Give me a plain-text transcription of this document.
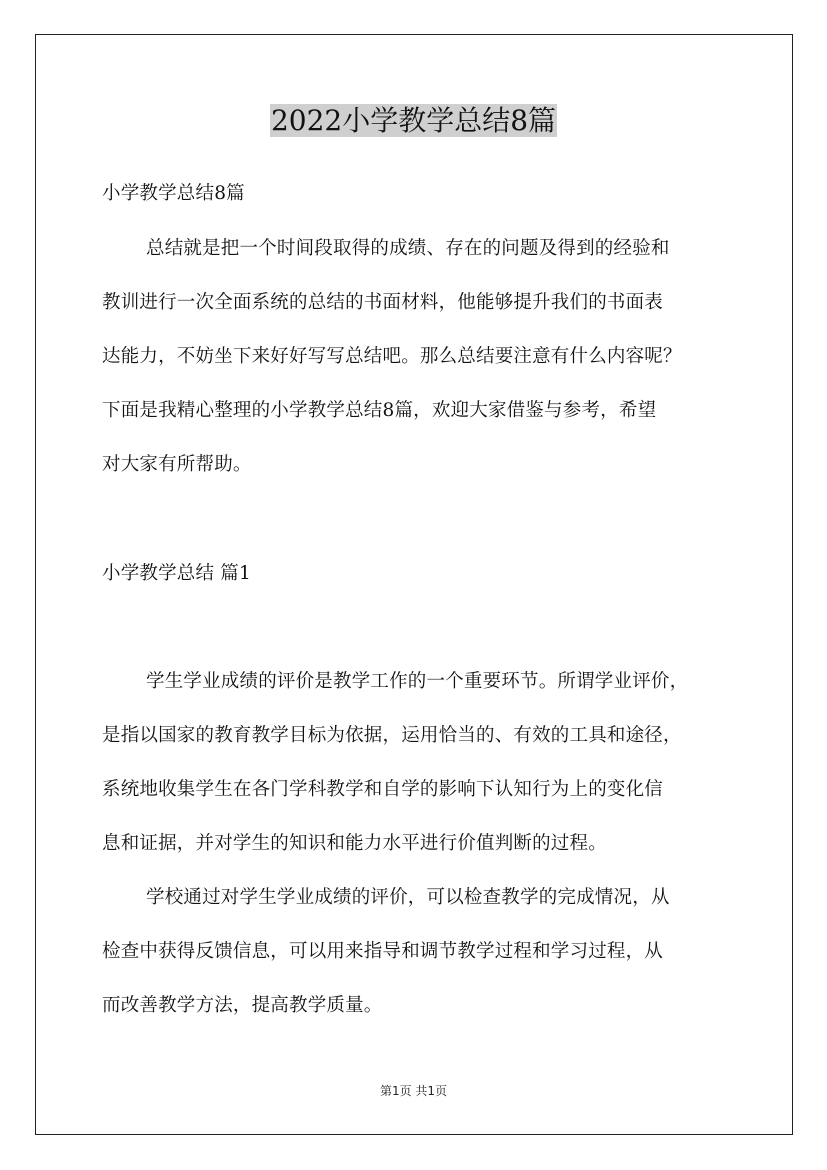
2022小学教学总结8篇
小学教学总结8篇
总结就是把一个时间段取得的成绩、存在的问题及得到的经验和
教训进行一次全面系统的总结的书面材料，他能够提升我们的书面表
达能力，不妨坐下来好好写写总结吧。那么总结要注意有什么内容呢？
下面是我精心整理的小学教学总结8篇，欢迎大家借鉴与参考，希望
对大家有所帮助。
小学教学总结 篇1
学生学业成绩的评价是教学工作的一个重要环节。所谓学业评价，
是指以国家的教育教学目标为依据，运用恰当的、有效的工具和途径，
系统地收集学生在各门学科教学和自学的影响下认知行为上的变化信
息和证据，并对学生的知识和能力水平进行价值判断的过程。
学校通过对学生学业成绩的评价，可以检查教学的完成情况，从
检查中获得反馈信息，可以用来指导和调节教学过程和学习过程，从
而改善教学方法，提高教学质量。
第1页 共1页
